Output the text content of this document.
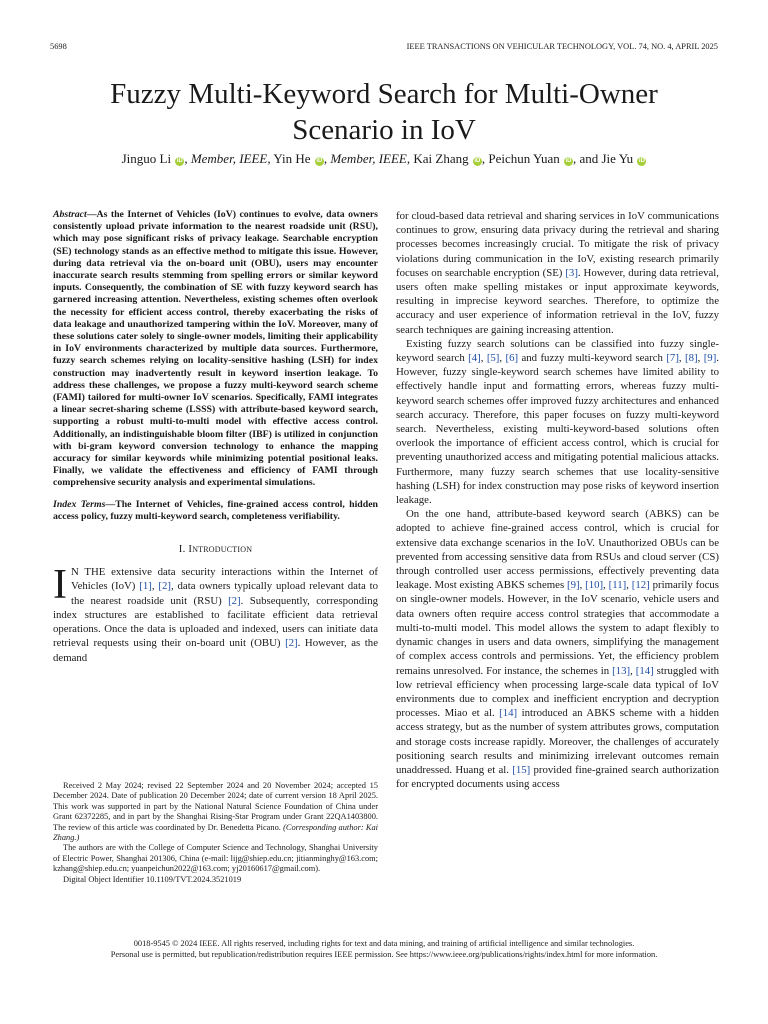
5698	IEEE TRANSACTIONS ON VEHICULAR TECHNOLOGY, VOL. 74, NO. 4, APRIL 2025
Fuzzy Multi-Keyword Search for Multi-Owner Scenario in IoV
Jinguo Li iD , Member, IEEE, Yin He iD , Member, IEEE, Kai Zhang iD , Peichun Yuan iD , and Jie Yu iD

Abstract—As the Internet of Vehicles (IoV) continues to evolve, data owners consistently upload private information to the nearest roadside unit (RSU), which may pose significant risks of privacy leakage. Searchable encryption (SE) technology stands as an effective method to mitigate this issue. However, during data retrieval via the on-board unit (OBU), users may encounter inaccurate search results stemming from spelling errors or similar keyword inputs. Consequently, the combination of SE with fuzzy keyword search has garnered increasing attention. Nevertheless, existing schemes often overlook the necessity for efficient access control, thereby exacerbating the risks of data leakage and unauthorized tampering within the IoV. Moreover, many of these solutions cater solely to single-owner models, limiting their applicability in IoV environments characterized by multiple data sources. Furthermore, fuzzy search schemes relying on locality-sensitive hashing (LSH) for index construction may inadvertently result in keyword insertion leakage. To address these challenges, we propose a fuzzy multi-keyword search scheme (FAMI) tailored for multi-owner IoV scenarios. Specifically, FAMI integrates a linear secret-sharing scheme (LSSS) with attribute-based keyword search, supporting a robust multi-to-multi model with effective access control. Additionally, an indistinguishable bloom filter (IBF) is utilized in conjunction with bi-gram keyword conversion technology to enhance the mapping accuracy for similar keywords while minimizing potential positional leaks. Finally, we validate the effectiveness and efficiency of FAMI through comprehensive security analysis and experimental simulations.

Index Terms—The Internet of Vehicles, fine-grained access control, hidden access policy, fuzzy multi-keyword search, completeness verifiability.

I. Introduction

I N THE extensive data security interactions within the Internet of Vehicles (IoV) [1], [2], data owners typically upload relevant data to the nearest roadside unit (RSU) [2]. Subsequently, corresponding index structures are established to facilitate efficient data retrieval operations. Once the data is uploaded and indexed, users can initiate data retrieval requests using their on-board unit (OBU) [2]. However, as the demand

Received 2 May 2024; revised 22 September 2024 and 20 November 2024; accepted 15 December 2024. Date of publication 20 December 2024; date of current version 18 April 2025. This work was supported in part by the National Natural Science Foundation of China under Grant 62372285, and in part by the Shanghai Rising-Star Program under Grant 22QA1403800. The review of this article was coordinated by Dr. Benedetta Picano. (Corresponding author: Kai Zhang.)

The authors are with the College of Computer Science and Technology, Shanghai University of Electric Power, Shanghai 201306, China (e-mail: lijg@shiep.edu.cn; jitianminghy@163.com; kzhang@shiep.edu.cn; yuanpeichun2022@163.com; yj20160617@gmail.com).

Digital Object Identifier 10.1109/TVT.2024.3521019

for cloud-based data retrieval and sharing services in IoV communications continues to grow, ensuring data privacy during the retrieval and sharing processes becomes increasingly crucial. To mitigate the risk of privacy violations during communication in the IoV, existing research primarily focuses on searchable encryption (SE) [3]. However, during data retrieval, users often make spelling mistakes or input approximate keywords, resulting in imprecise keyword searches. Therefore, to optimize the accuracy and user experience of information retrieval in the IoV, fuzzy search techniques are gaining increasing attention.

Existing fuzzy search solutions can be classified into fuzzy single-keyword search [4], [5], [6] and fuzzy multi-keyword search [7], [8], [9]. However, fuzzy single-keyword search schemes have limited ability to effectively handle input and formatting errors, whereas fuzzy multi-keyword search schemes offer improved fuzzy architectures and enhanced search accuracy. Therefore, this paper focuses on fuzzy multi-keyword search. Nevertheless, existing multi-keyword-based solutions often overlook the importance of efficient access control, which is crucial for preventing unauthorized access and mitigating potential malicious attacks. Furthermore, many fuzzy search schemes that use locality-sensitive hashing (LSH) for index construction may pose risks of keyword insertion leakage.

On the one hand, attribute-based keyword search (ABKS) can be adopted to achieve fine-grained access control, which is crucial for extensive data exchange scenarios in the IoV. Unauthorized OBUs can be prevented from accessing sensitive data from RSUs and cloud server (CS) through controlled user access permissions, effectively preventing data leakage. Most existing ABKS schemes [9], [10], [11], [12] primarily focus on single-owner models. However, in the IoV scenario, vehicle users and data owners often require access control strategies that accommodate a multi-to-multi model. This model allows the system to adapt flexibly to dynamic changes in users and data owners, simplifying the management of complex access controls and permissions. Yet, the efficiency problem remains unresolved. For instance, the schemes in [13], [14] struggled with low retrieval efficiency when processing large-scale data typical of IoV environments due to complex and inefficient encryption and decryption processes. Miao et al. [14] introduced an ABKS scheme with a hidden access strategy, but as the number of system attributes grows, computation and storage costs increase rapidly. Moreover, the challenges of accurately positioning search results and minimizing irrelevant outcomes remain unaddressed. Huang et al. [15] provided fine-grained search authorization for encrypted documents using access

0018-9545 © 2024 IEEE. All rights reserved, including rights for text and data mining, and training of artificial intelligence and similar technologies.
Personal use is permitted, but republication/redistribution requires IEEE permission. See https://www.ieee.org/publications/rights/index.html for more information.
